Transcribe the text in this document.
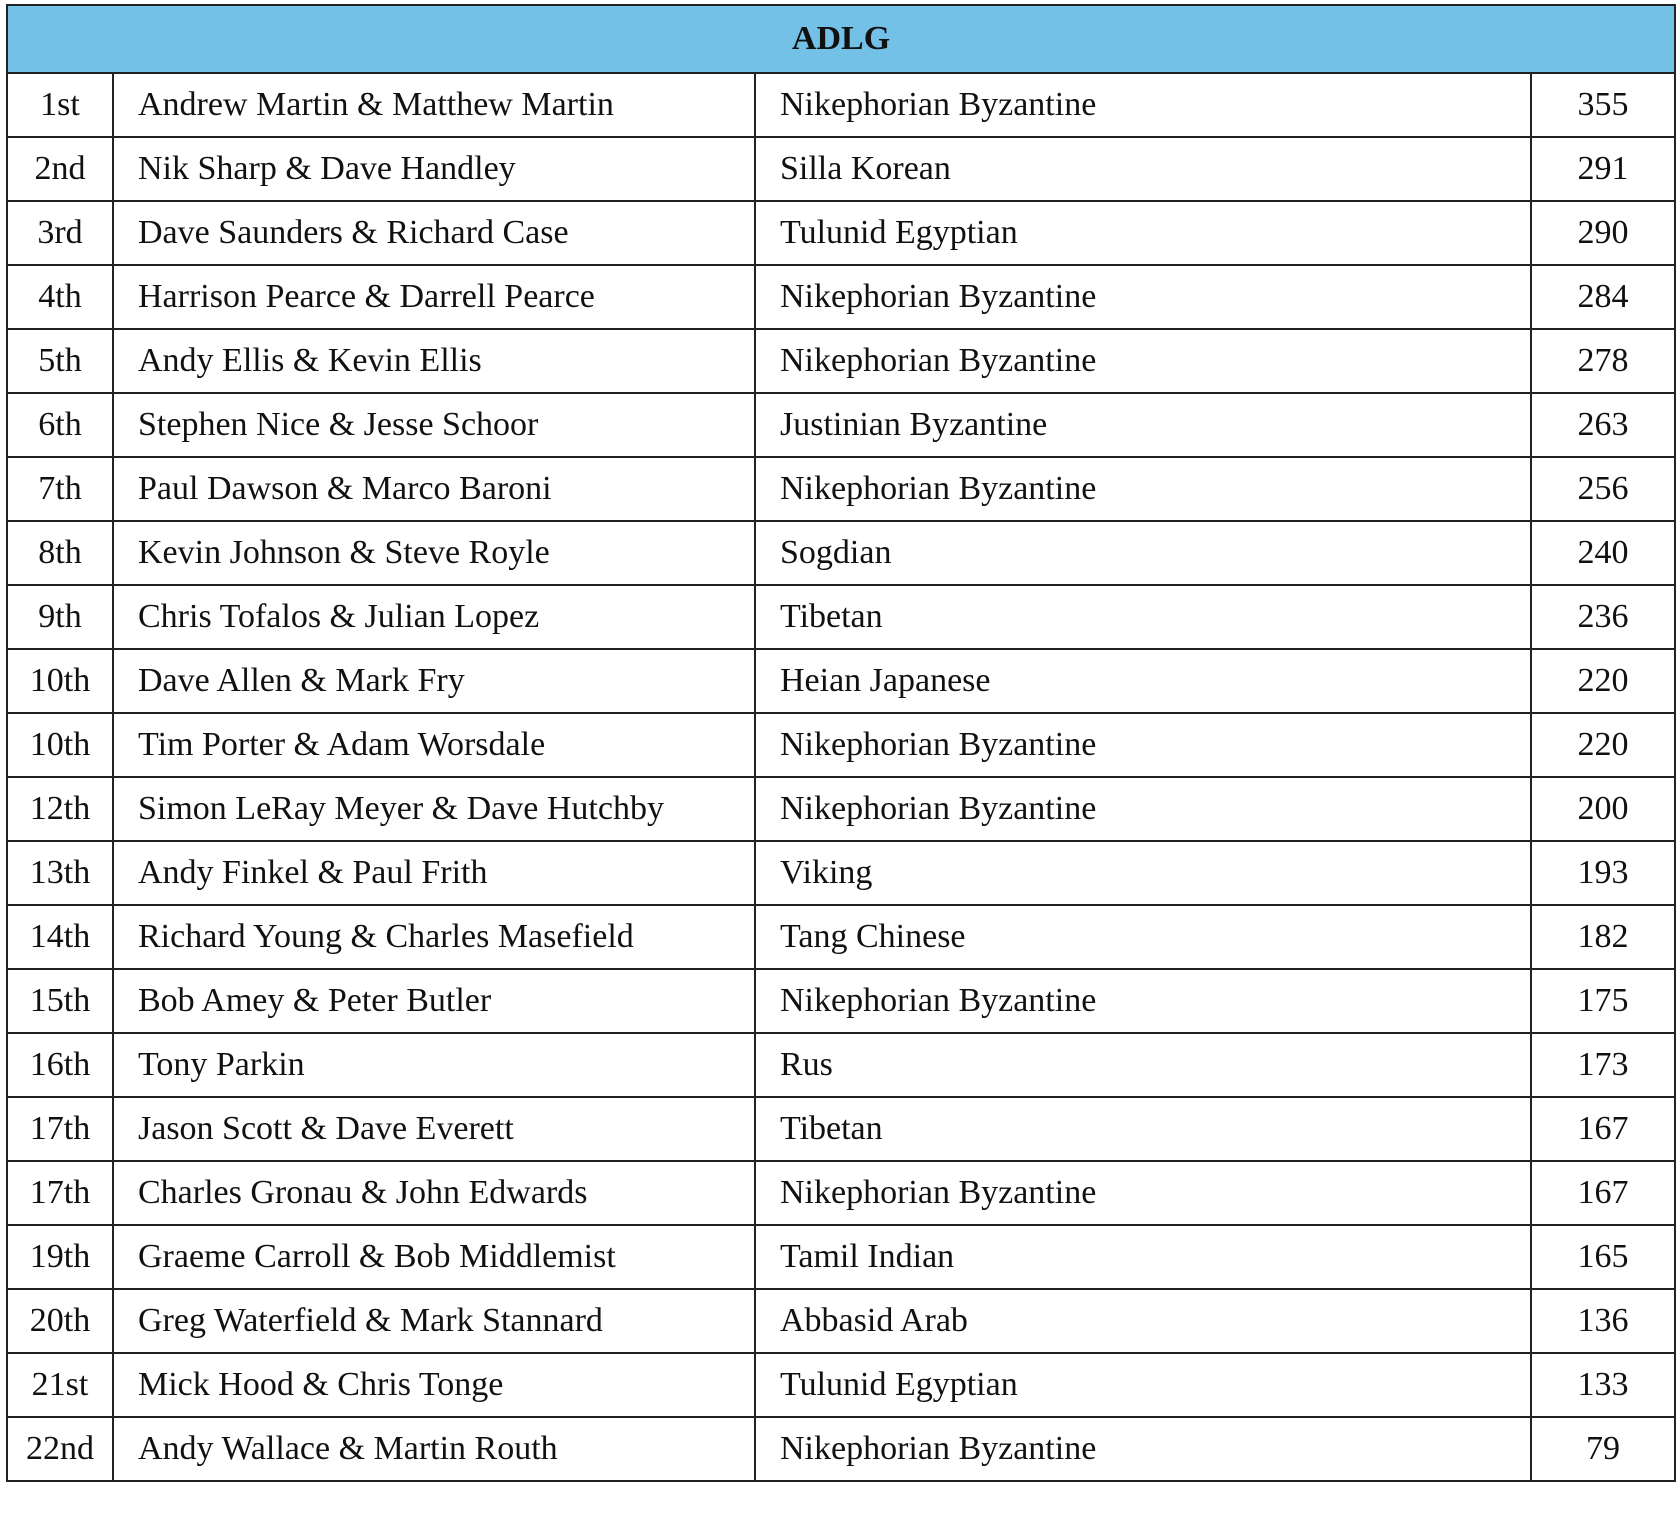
ADLG			
1st	Andrew Martin & Matthew Martin	Nikephorian Byzantine	355
2nd	Nik Sharp & Dave Handley	Silla Korean	291
3rd	Dave Saunders & Richard Case	Tulunid Egyptian	290
4th	Harrison Pearce & Darrell Pearce	Nikephorian Byzantine	284
5th	Andy Ellis & Kevin Ellis	Nikephorian Byzantine	278
6th	Stephen Nice & Jesse Schoor	Justinian Byzantine	263
7th	Paul Dawson & Marco Baroni	Nikephorian Byzantine	256
8th	Kevin Johnson & Steve Royle	Sogdian	240
9th	Chris Tofalos & Julian Lopez	Tibetan	236
10th	Dave Allen & Mark Fry	Heian Japanese	220
10th	Tim Porter & Adam Worsdale	Nikephorian Byzantine	220
12th	Simon LeRay Meyer & Dave Hutchby	Nikephorian Byzantine	200
13th	Andy Finkel & Paul Frith	Viking	193
14th	Richard Young & Charles Masefield	Tang Chinese	182
15th	Bob Amey & Peter Butler	Nikephorian Byzantine	175
16th	Tony Parkin	Rus	173
17th	Jason Scott & Dave Everett	Tibetan	167
17th	Charles Gronau & John Edwards	Nikephorian Byzantine	167
19th	Graeme Carroll & Bob Middlemist	Tamil Indian	165
20th	Greg Waterfield & Mark Stannard	Abbasid Arab	136
21st	Mick Hood & Chris Tonge	Tulunid Egyptian	133
22nd	Andy Wallace & Martin Routh	Nikephorian Byzantine	79
